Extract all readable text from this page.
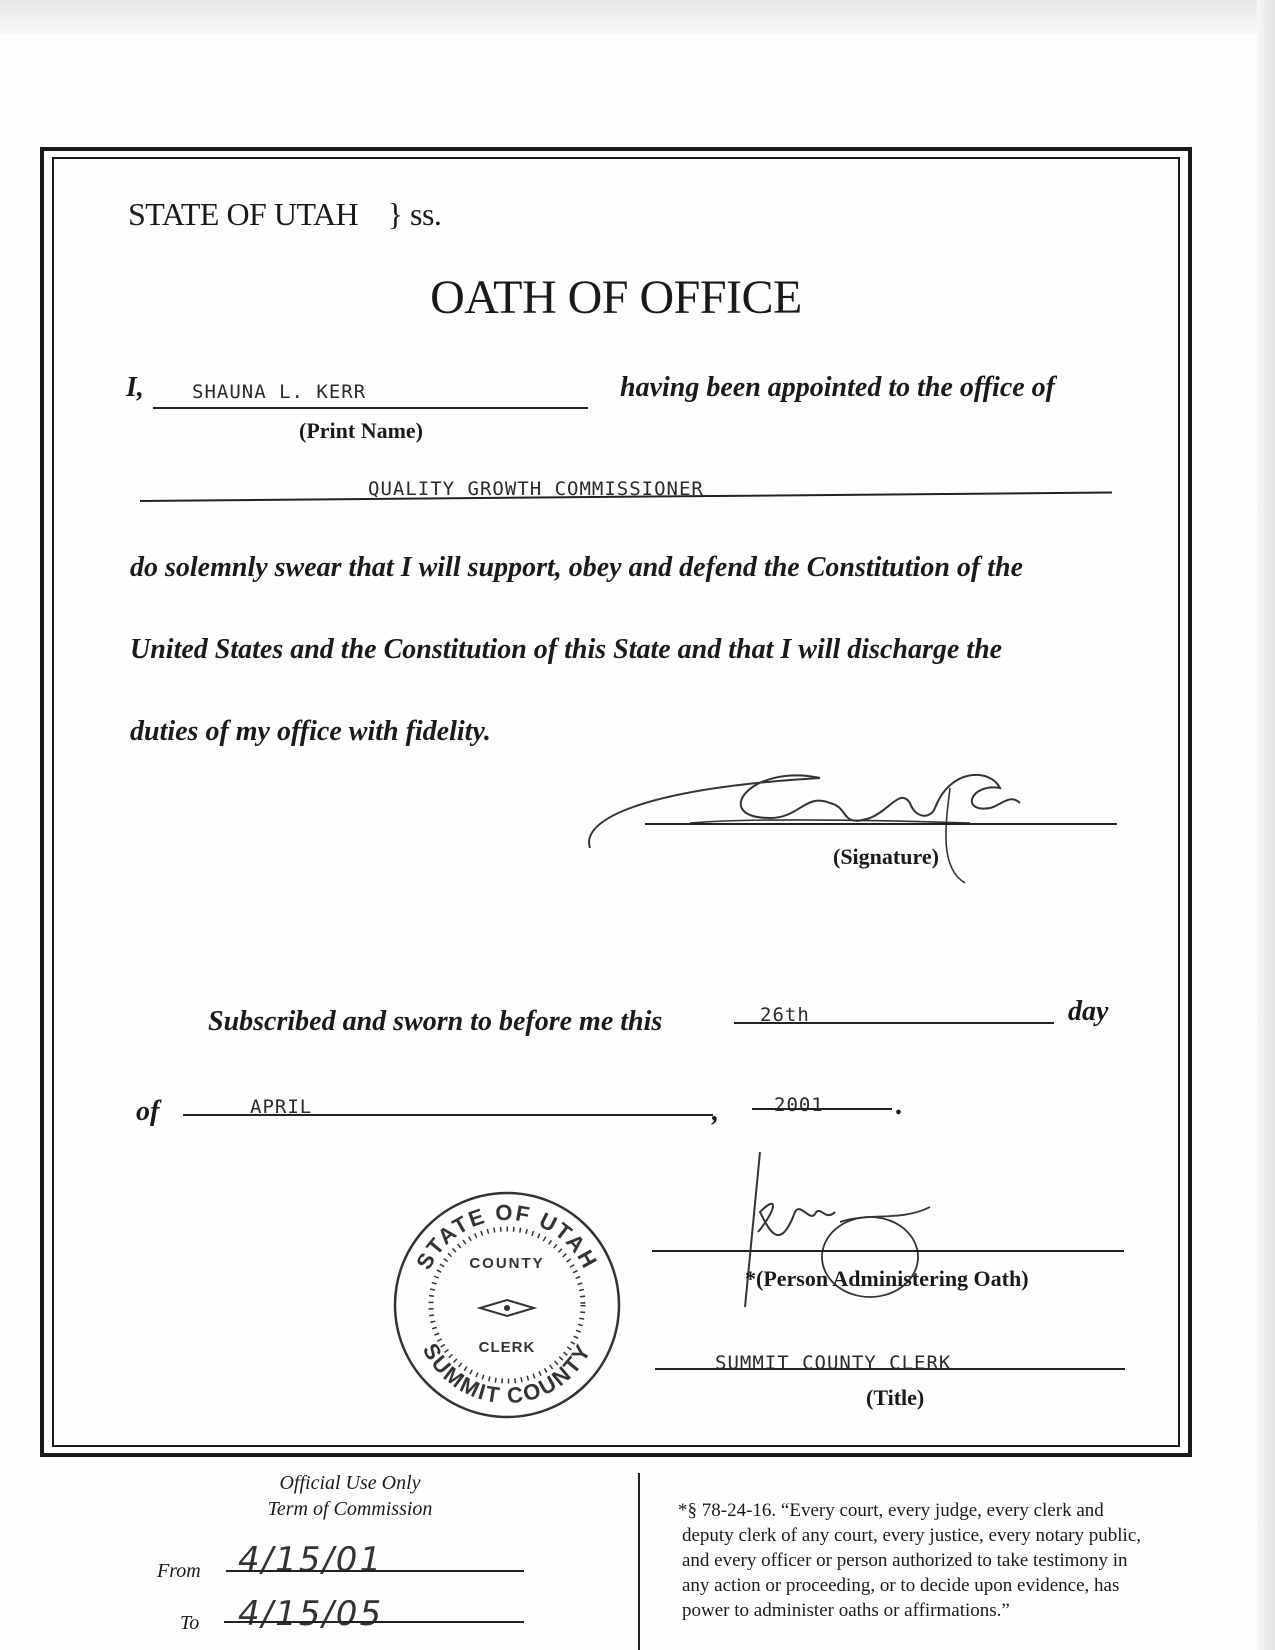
STATE OF UTAH } ss.
OATH OF OFFICE
I,	SHAUNA L. KERR
(Print Name)
having been appointed to the office of
QUALITY GROWTH COMMISSIONER
do solemnly swear that I will support, obey and defend the Constitution of the
United States and the Constitution of this State and that I will discharge the
duties of my office with fidelity.
(Signature)
Subscribed and sworn to before me this	26th	day
of	APRIL	,	2001	.
STATE OF UTAH
SUMMIT COUNTY
COUNTY
CLERK
*(Person Administering Oath)
SUMMIT COUNTY CLERK
(Title)
Official Use Only
Term of Commission
From 4/15/01
To 4/15/05
*§ 78-24-16. “Every court, every judge, every clerk and
deputy clerk of any court, every justice, every notary public,
and every officer or person authorized to take testimony in
any action or proceeding, or to decide upon evidence, has
power to administer oaths or affirmations.”
